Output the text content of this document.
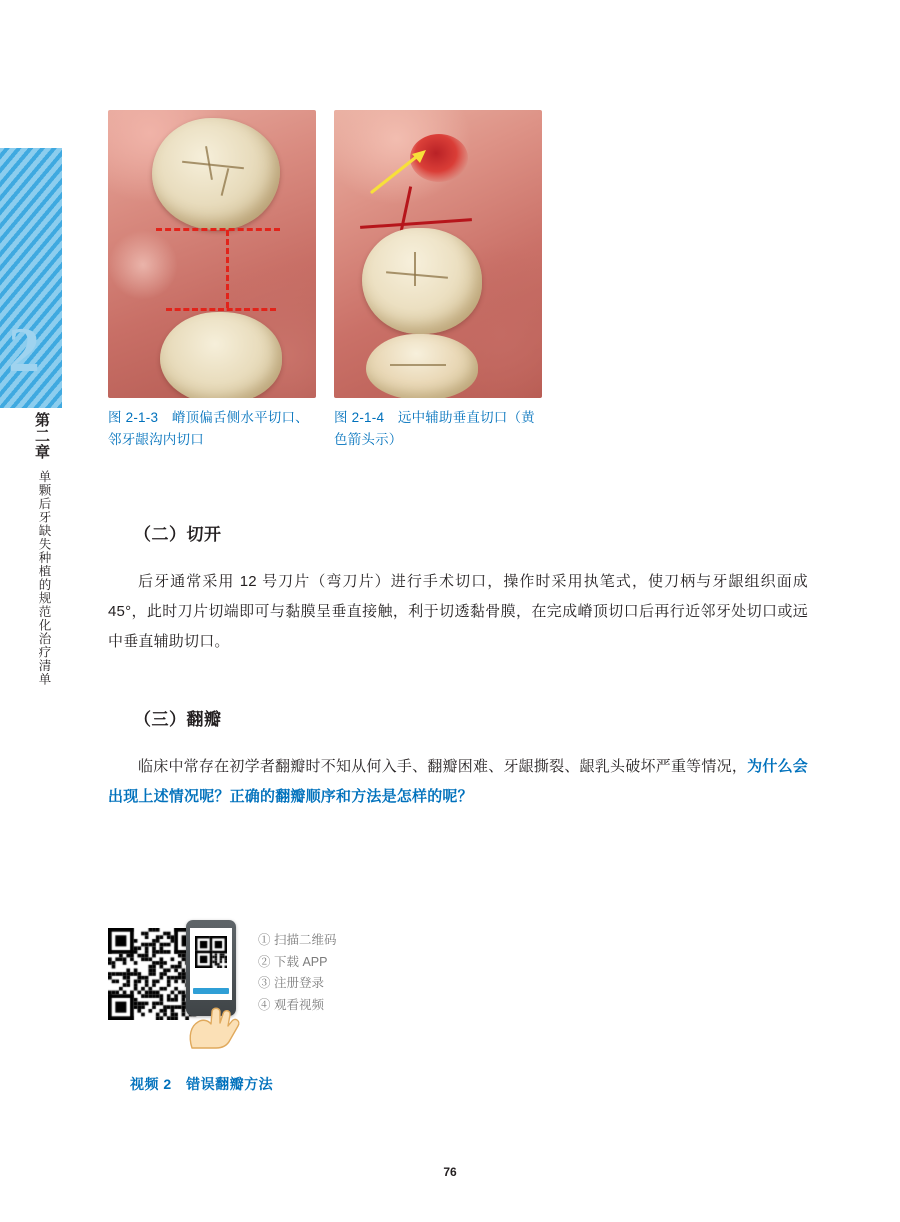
2
第二章
单颗后牙缺失种植的规范化治疗清单
图 2-1-3　嵴顶偏舌侧水平切口、邻牙龈沟内切口
图 2-1-4　远中辅助垂直切口（黄色箭头示）
（二）切开

后牙通常采用 12 号刀片（弯刀片）进行手术切口，操作时采用执笔式，使刀柄与牙龈组织面成 45°，此时刀片切端即可与黏膜呈垂直接触，利于切透黏骨膜，在完成嵴顶切口后再行近邻牙处切口或远中垂直辅助切口。

（三）翻瓣

临床中常存在初学者翻瓣时不知从何入手、翻瓣困难、牙龈撕裂、龈乳头破坏严重等情况，为什么会出现上述情况呢？正确的翻瓣顺序和方法是怎样的呢？

① 扫描二维码
② 下载 APP
③ 注册登录
④ 观看视频
视频 2　错误翻瓣方法
76
